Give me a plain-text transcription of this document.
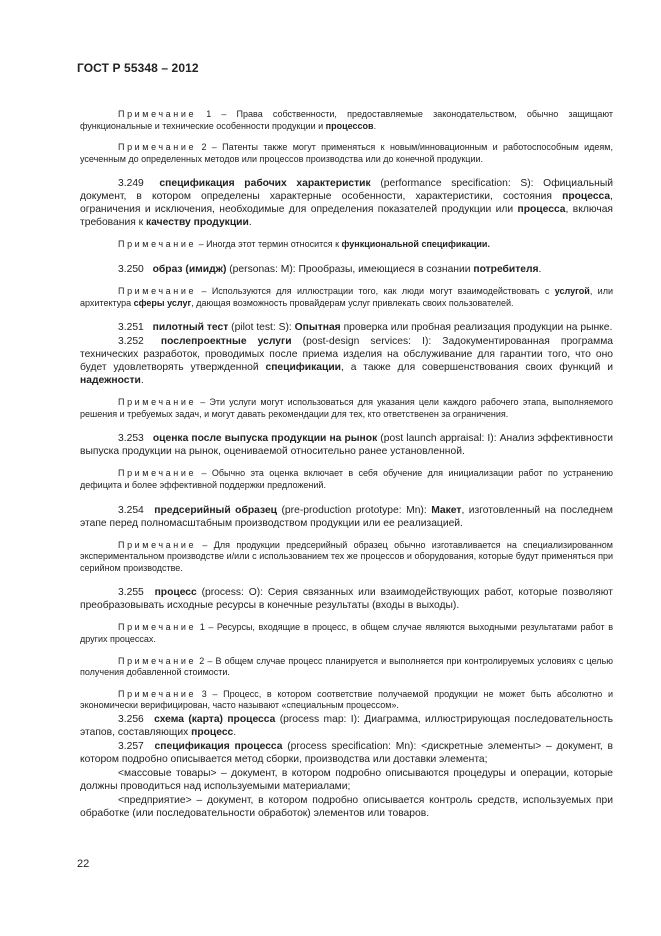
ГОСТ Р 55348 – 2012

Примечание 1 – Права собственности, предоставляемые законодательством, обычно защищают функциональные и технические особенности продукции и процессов.

Примечание 2 – Патенты также могут применяться к новым/инновационным и работоспособным идеям, усеченным до определенных методов или процессов производства или до конечной продукции.

3.249 спецификация рабочих характеристик (performance specification: S): Официальный документ, в котором определены характерные особенности, характеристики, состояния процесса, ограничения и исключения, необходимые для определения показателей продукции или процесса, включая требования к качеству продукции.

Примечание – Иногда этот термин относится к функциональной спецификации.

3.250 образ (имидж) (personas: M): Прообразы, имеющиеся в сознании потребителя.

Примечание – Используются для иллюстрации того, как люди могут взаимодействовать с услугой, или архитектура сферы услуг, дающая возможность провайдерам услуг привлекать своих пользователей.

3.251 пилотный тест (pilot test: S): Опытная проверка или пробная реализация продукции на рынке.

3.252 послепроектные услуги (post-design services: I): Задокументированная программа технических разработок, проводимых после приема изделия на обслуживание для гарантии того, что оно будет удовлетворять утвержденной спецификации, а также для совершенствования своих функций и надежности.

Примечание – Эти услуги могут использоваться для указания цели каждого рабочего этапа, выполняемого решения и требуемых задач, и могут давать рекомендации для тех, кто ответственен за ограничения.

3.253 оценка после выпуска продукции на рынок (post launch appraisal: I): Анализ эффективности выпуска продукции на рынок, оцениваемой относительно ранее установленной.

Примечание – Обычно эта оценка включает в себя обучение для инициализации работ по устранению дефицита и более эффективной поддержки предложений.

3.254 предсерийный образец (pre-production prototype: Mn): Макет, изготовленный на последнем этапе перед полномасштабным производством продукции или ее реализацией.

Примечание – Для продукции предсерийный образец обычно изготавливается на специализированном экспериментальном производстве и/или с использованием тех же процессов и оборудования, которые будут применяться при серийном производстве.

3.255 процесс (process: O): Серия связанных или взаимодействующих работ, которые позволяют преобразовывать исходные ресурсы в конечные результаты (входы в выходы).

Примечание 1 – Ресурсы, входящие в процесс, в общем случае являются выходными результатами работ в других процессах.

Примечание 2 – В общем случае процесс планируется и выполняется при контролируемых условиях с целью получения добавленной стоимости.

Примечание 3 – Процесс, в котором соответствие получаемой продукции не может быть абсолютно и экономически верифицирован, часто называют «специальным процессом».

3.256 схема (карта) процесса (process map: I): Диаграмма, иллюстрирующая последовательность этапов, составляющих процесс.

3.257 спецификация процесса (process specification: Mn): <дискретные элементы> – документ, в котором подробно описывается метод сборки, производства или доставки элемента;

<массовые товары> – документ, в котором подробно описываются процедуры и операции, которые должны проводиться над используемыми материалами;

<предприятие> – документ, в котором подробно описывается контроль средств, используемых при обработке (или последовательности обработок) элементов или товаров.

22
